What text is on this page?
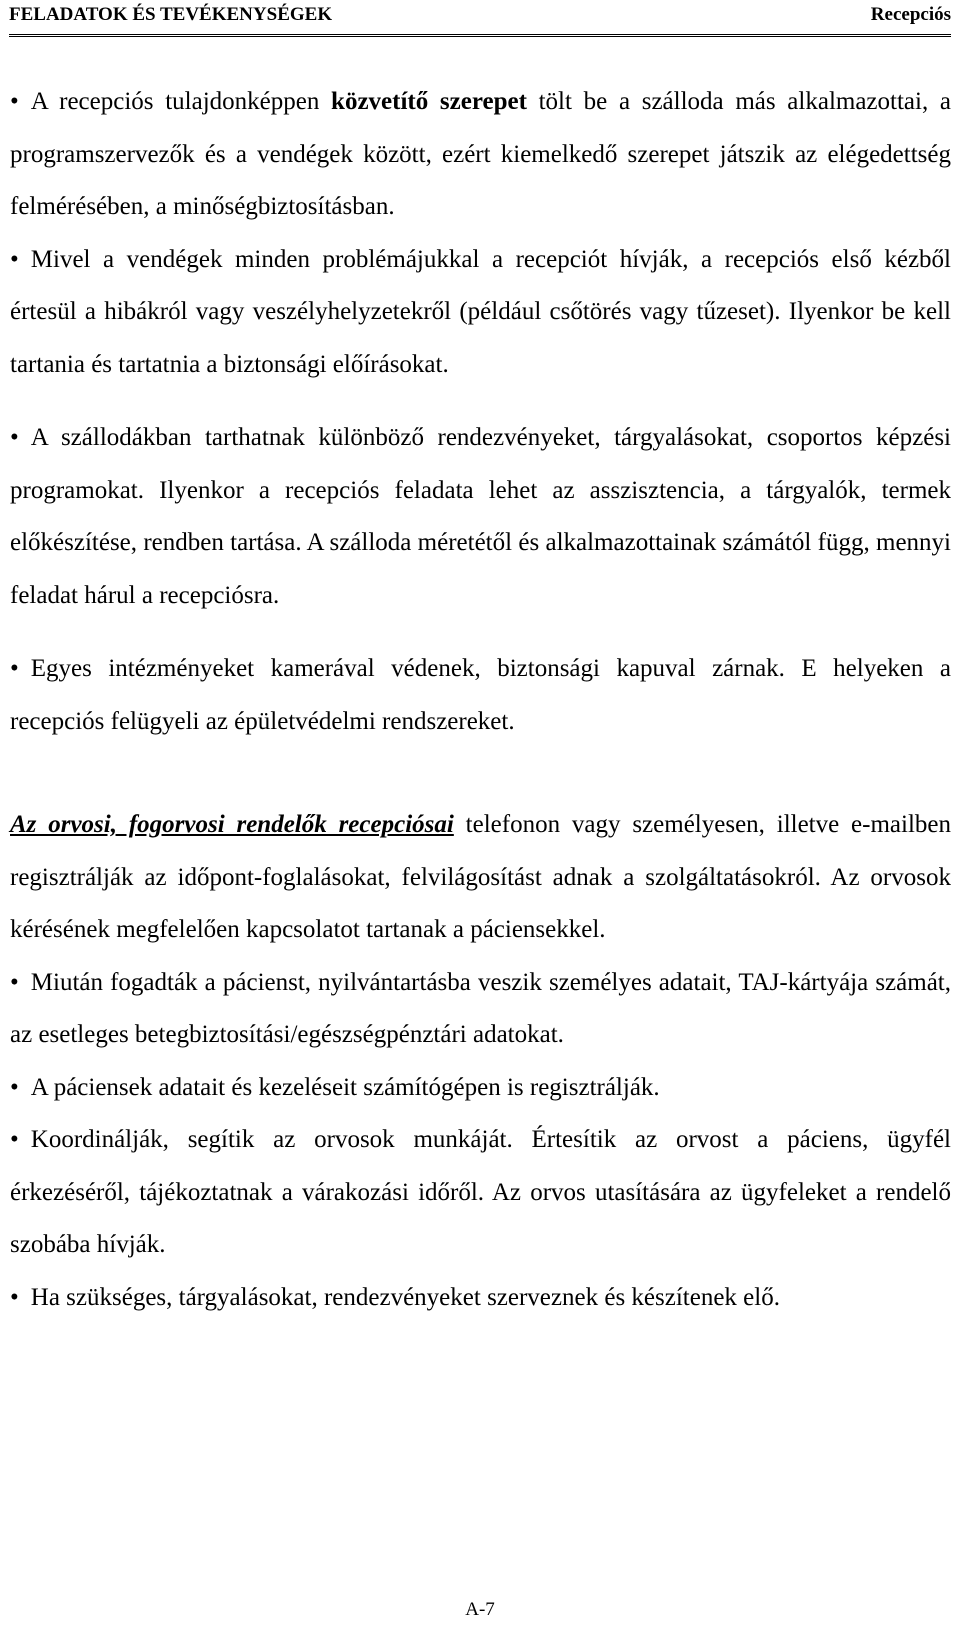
FELADATOK ÉS TEVÉKENYSÉGEK	Recepciós

• A recepciós tulajdonképpen közvetítő szerepet tölt be a szálloda más alkalmazottai, a programszervezők és a vendégek között, ezért kiemelkedő szerepet játszik az elégedettség felmérésében, a minőségbiztosításban.

• Mivel a vendégek minden problémájukkal a recepciót hívják, a recepciós első kézből értesül a hibákról vagy veszélyhelyzetekről (például csőtörés vagy tűzeset). Ilyenkor be kell tartania és tartatnia a biztonsági előírásokat.

• A szállodákban tarthatnak különböző rendezvényeket, tárgyalásokat, csoportos képzési programokat. Ilyenkor a recepciós feladata lehet az asszisztencia, a tárgyalók, termek előkészítése, rendben tartása. A szálloda méretétől és alkalmazottainak számától függ, mennyi feladat hárul a recepciósra.

• Egyes intézményeket kamerával védenek, biztonsági kapuval zárnak. E helyeken a recepciós felügyeli az épületvédelmi rendszereket.

Az orvosi, fogorvosi rendelők recepciósai telefonon vagy személyesen, illetve e-mailben regisztrálják az időpont-foglalásokat, felvilágosítást adnak a szolgáltatásokról. Az orvosok kérésének megfelelően kapcsolatot tartanak a páciensekkel.

• Miután fogadták a pácienst, nyilvántartásba veszik személyes adatait, TAJ-kártyája számát, az esetleges betegbiztosítási/egészségpénztári adatokat.

• A páciensek adatait és kezeléseit számítógépen is regisztrálják.

• Koordinálják, segítik az orvosok munkáját. Értesítik az orvost a páciens, ügyfél érkezéséről, tájékoztatnak a várakozási időről. Az orvos utasítására az ügyfeleket a rendelő szobába hívják.

• Ha szükséges, tárgyalásokat, rendezvényeket szerveznek és készítenek elő.

A-7
